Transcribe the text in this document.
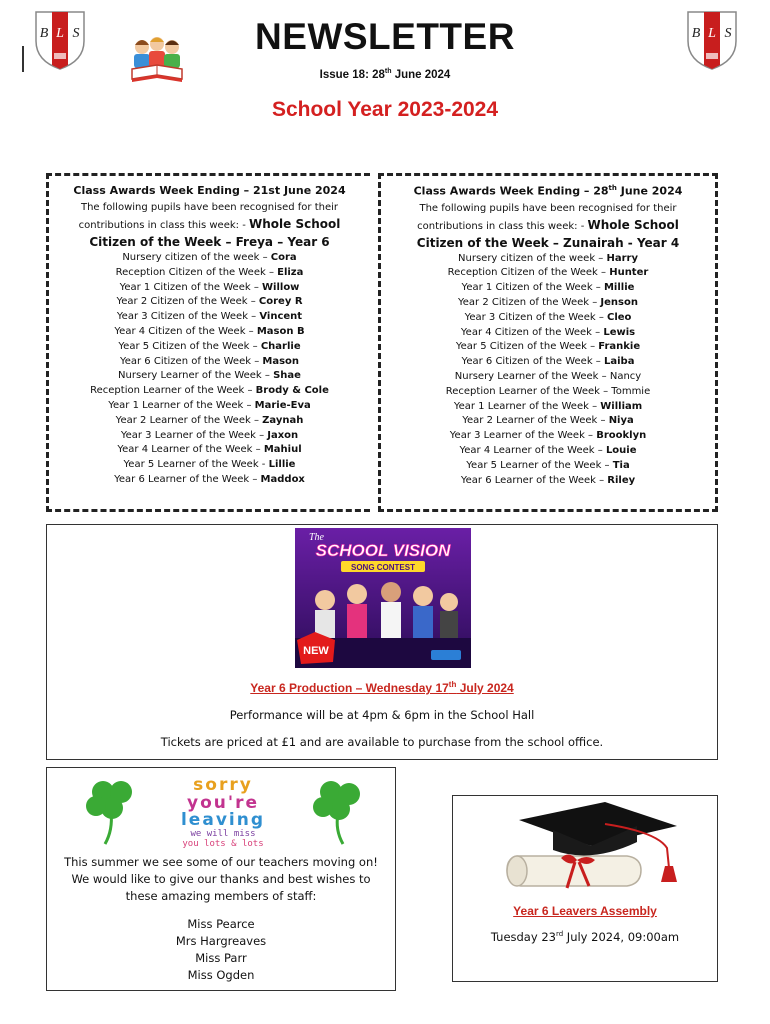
B L S	NEWSLETTER
Issue 18: 28th June 2024
School Year 2023-2024
B L S
Class Awards Week Ending – 21st June 2024
The following pupils have been recognised for their
contributions in class this week: - Whole School
Citizen of the Week – Freya – Year 6
Nursery citizen of the week – Cora
Reception Citizen of the Week – Eliza
Year 1 Citizen of the Week – Willow
Year 2 Citizen of the Week – Corey R
Year 3 Citizen of the Week – Vincent
Year 4 Citizen of the Week – Mason B
Year 5 Citizen of the Week – Charlie
Year 6 Citizen of the Week – Mason
Nursery Learner of the Week – Shae
Reception Learner of the Week – Brody & Cole
Year 1 Learner of the Week – Marie-Eva
Year 2 Learner of the Week – Zaynah
Year 3 Learner of the Week – Jaxon
Year 4 Learner of the Week – Mahiul
Year 5 Learner of the Week - Lillie
Year 6 Learner of the Week – Maddox
Class Awards Week Ending – 28th June 2024
The following pupils have been recognised for their
contributions in class this week: - Whole School
Citizen of the Week – Zunairah - Year 4
Nursery citizen of the week – Harry
Reception Citizen of the Week – Hunter
Year 1 Citizen of the Week – Millie
Year 2 Citizen of the Week – Jenson
Year 3 Citizen of the Week – Cleo
Year 4 Citizen of the Week – Lewis
Year 5 Citizen of the Week – Frankie
Year 6 Citizen of the Week – Laiba
Nursery Learner of the Week – Nancy
Reception Learner of the Week – Tommie
Year 1 Learner of the Week – William
Year 2 Learner of the Week – Niya
Year 3 Learner of the Week – Brooklyn
Year 4 Learner of the Week – Louie
Year 5 Learner of the Week – Tia
Year 6 Learner of the Week – Riley
The
SCHOOL VISION
SONG CONTEST
NEW
Year 6 Production – Wednesday 17th July 2024
Performance will be at 4pm & 6pm in the School Hall
Tickets are priced at £1 and are available to purchase from the school office.
sorry
you're
leaving
we will miss
you lots & lots
This summer we see some of our teachers moving on!
We would like to give our thanks and best wishes to
these amazing members of staff:
Miss Pearce
Mrs Hargreaves
Miss Parr
Miss Ogden
Year 6 Leavers Assembly
Tuesday 23rd July 2024, 09:00am
